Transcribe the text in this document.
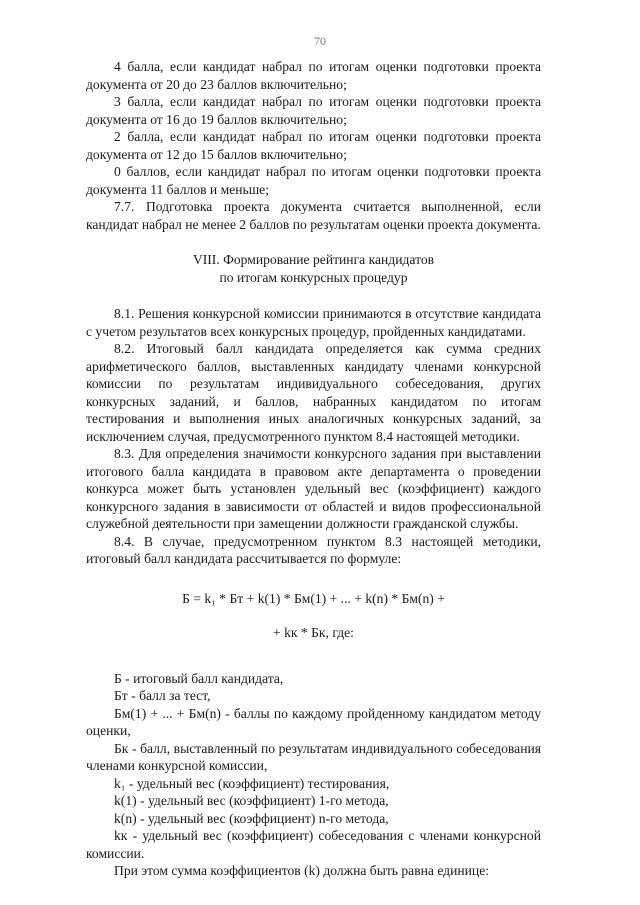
70

4 балла, если кандидат набрал по итогам оценки подготовки проекта документа от 20 до 23 баллов включительно;

3 балла, если кандидат набрал по итогам оценки подготовки проекта документа от 16 до 19 баллов включительно;

2 балла, если кандидат набрал по итогам оценки подготовки проекта документа от 12 до 15 баллов включительно;

0 баллов, если кандидат набрал по итогам оценки подготовки проекта документа 11 баллов и меньше;

7.7. Подготовка проекта документа считается выполненной, если кандидат набрал не менее 2 баллов по результатам оценки проекта документа.

VIII. Формирование рейтинга кандидатов
по итогам конкурсных процедур

8.1. Решения конкурсной комиссии принимаются в отсутствие кандидата с учетом результатов всех конкурсных процедур, пройденных кандидатами.

8.2. Итоговый балл кандидата определяется как сумма средних арифметического баллов, выставленных кандидату членами конкурсной комиссии по результатам индивидуального собеседования, других конкурсных заданий, и баллов, набранных кандидатом по итогам тестирования и выполнения иных аналогичных конкурсных заданий, за исключением случая, предусмотренного пунктом 8.4 настоящей методики.

8.3. Для определения значимости конкурсного задания при выставлении итогового балла кандидата в правовом акте департамента о проведении конкурса может быть установлен удельный вес (коэффициент) каждого конкурсного задания в зависимости от областей и видов профессиональной служебной деятельности при замещении должности гражданской службы.

8.4. В случае, предусмотренном пунктом 8.3 настоящей методики, итоговый балл кандидата рассчитывается по формуле:

Б = k₁ * Бт + k(1) * Бм(1) + ... + k(n) * Бм(n) +
+ kк * Бк, где:

Б - итоговый балл кандидата,

Бт - балл за тест,

Бм(1) + ... + Бм(n) - баллы по каждому пройденному кандидатом методу оценки,

Бк - балл, выставленный по результатам индивидуального собеседования членами конкурсной комиссии,

k₁ - удельный вес (коэффициент) тестирования,

k(1) - удельный вес (коэффициент) 1-го метода,

k(n) - удельный вес (коэффициент) n-го метода,

kк - удельный вес (коэффициент) собеседования с членами конкурсной комиссии.

При этом сумма коэффициентов (k) должна быть равна единице:
